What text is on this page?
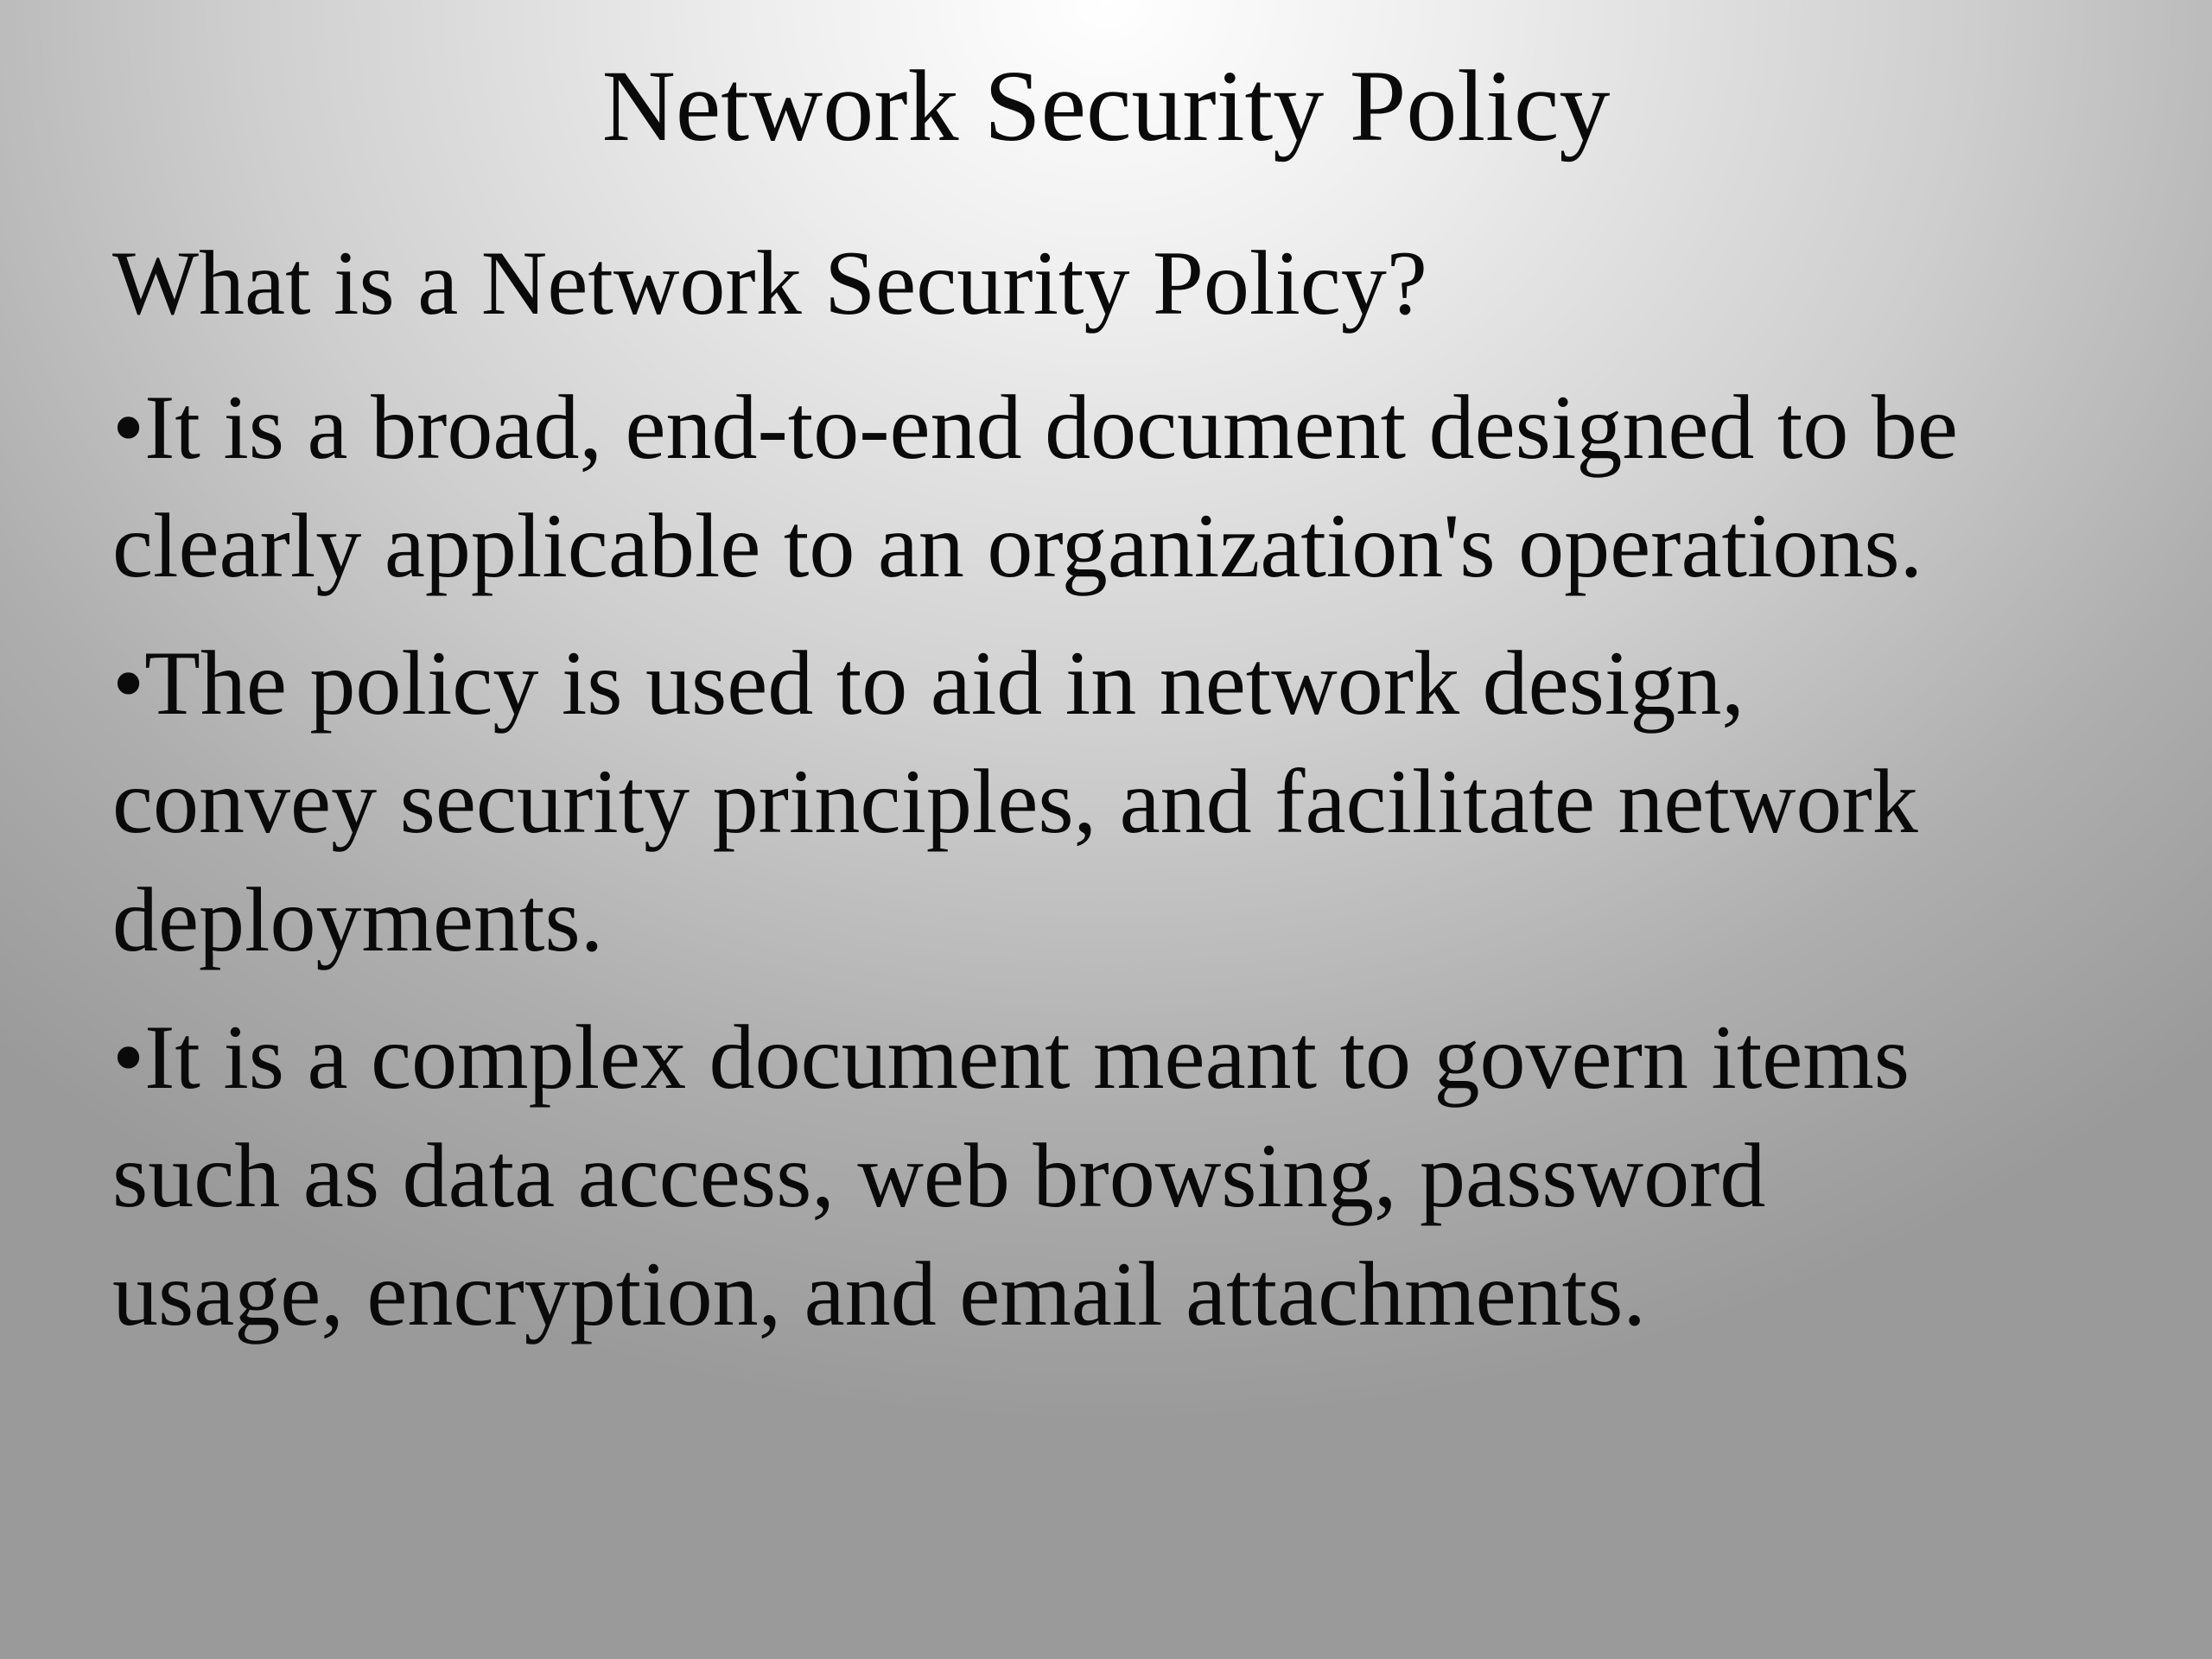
Network Security Policy

What is a Network Security Policy?

•It is a broad, end-to-end document designed to be
clearly applicable to an organization's operations.
•The policy is used to aid in network design,
convey security principles, and facilitate network
deployments.
•It is a complex document meant to govern items
such as data access, web browsing, password
usage, encryption, and email attachments.
